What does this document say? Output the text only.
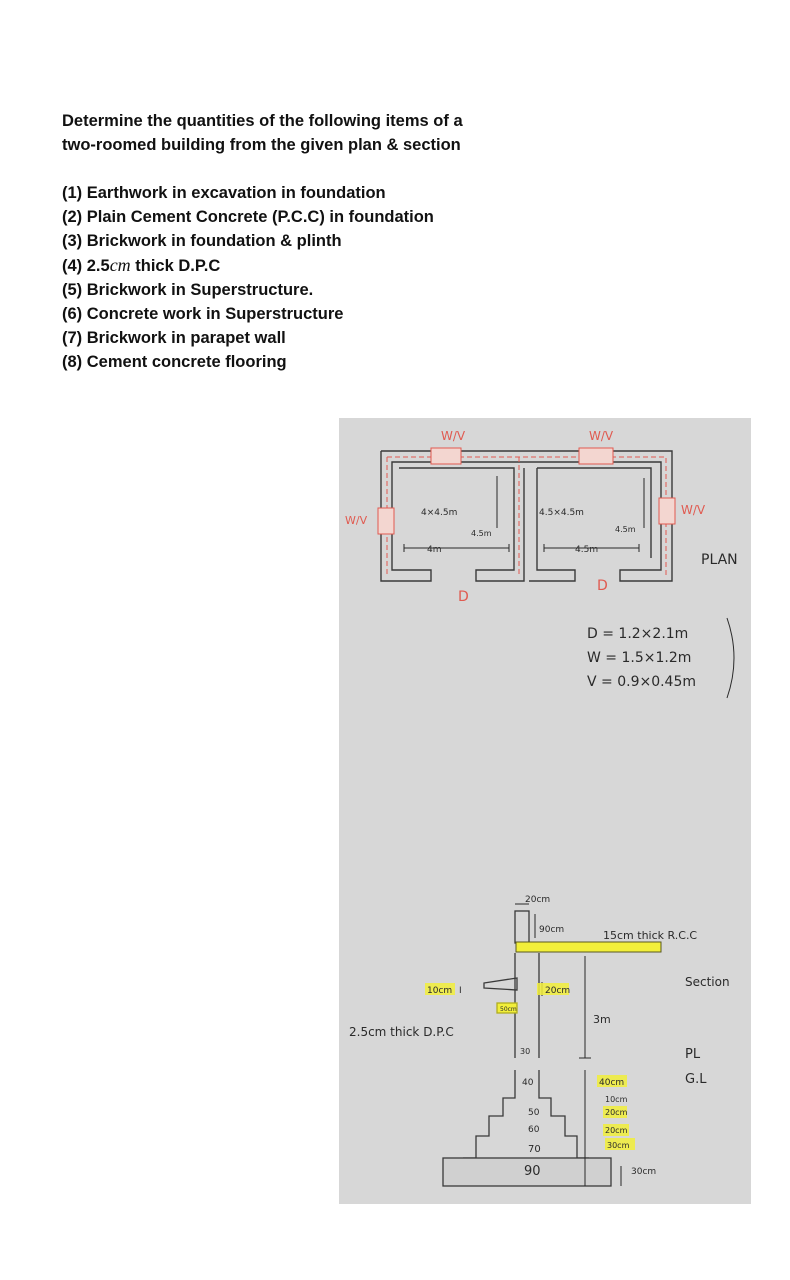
Determine the quantities of the following items of a

two-roomed building from the given plan & section

(1) Earthwork in excavation in foundation

(2) Plain Cement Concrete (P.C.C) in foundation

(3) Brickwork in foundation & plinth

(4) 2.5cm thick D.P.C

(5) Brickwork in Superstructure.

(6) Concrete work in Superstructure

(7) Brickwork in parapet wall

(8) Cement concrete flooring

W/V	W/V
W/V
W/V
4×4.5m
4.5m
4m
4.5×4.5m
4.5m
4.5m
D
D
PLAN
D = 1.2×2.1m
W = 1.5×1.2m
V = 0.9×0.45m
20cm
90cm	15cm thick R.C.C
Section
10cm I
50cm
20cm
3m
2.5cm thick D.P.C
30	PL
G.L
40
50
60
70
90
40cm
10cm
20cm
20cm
30cm
30cm
